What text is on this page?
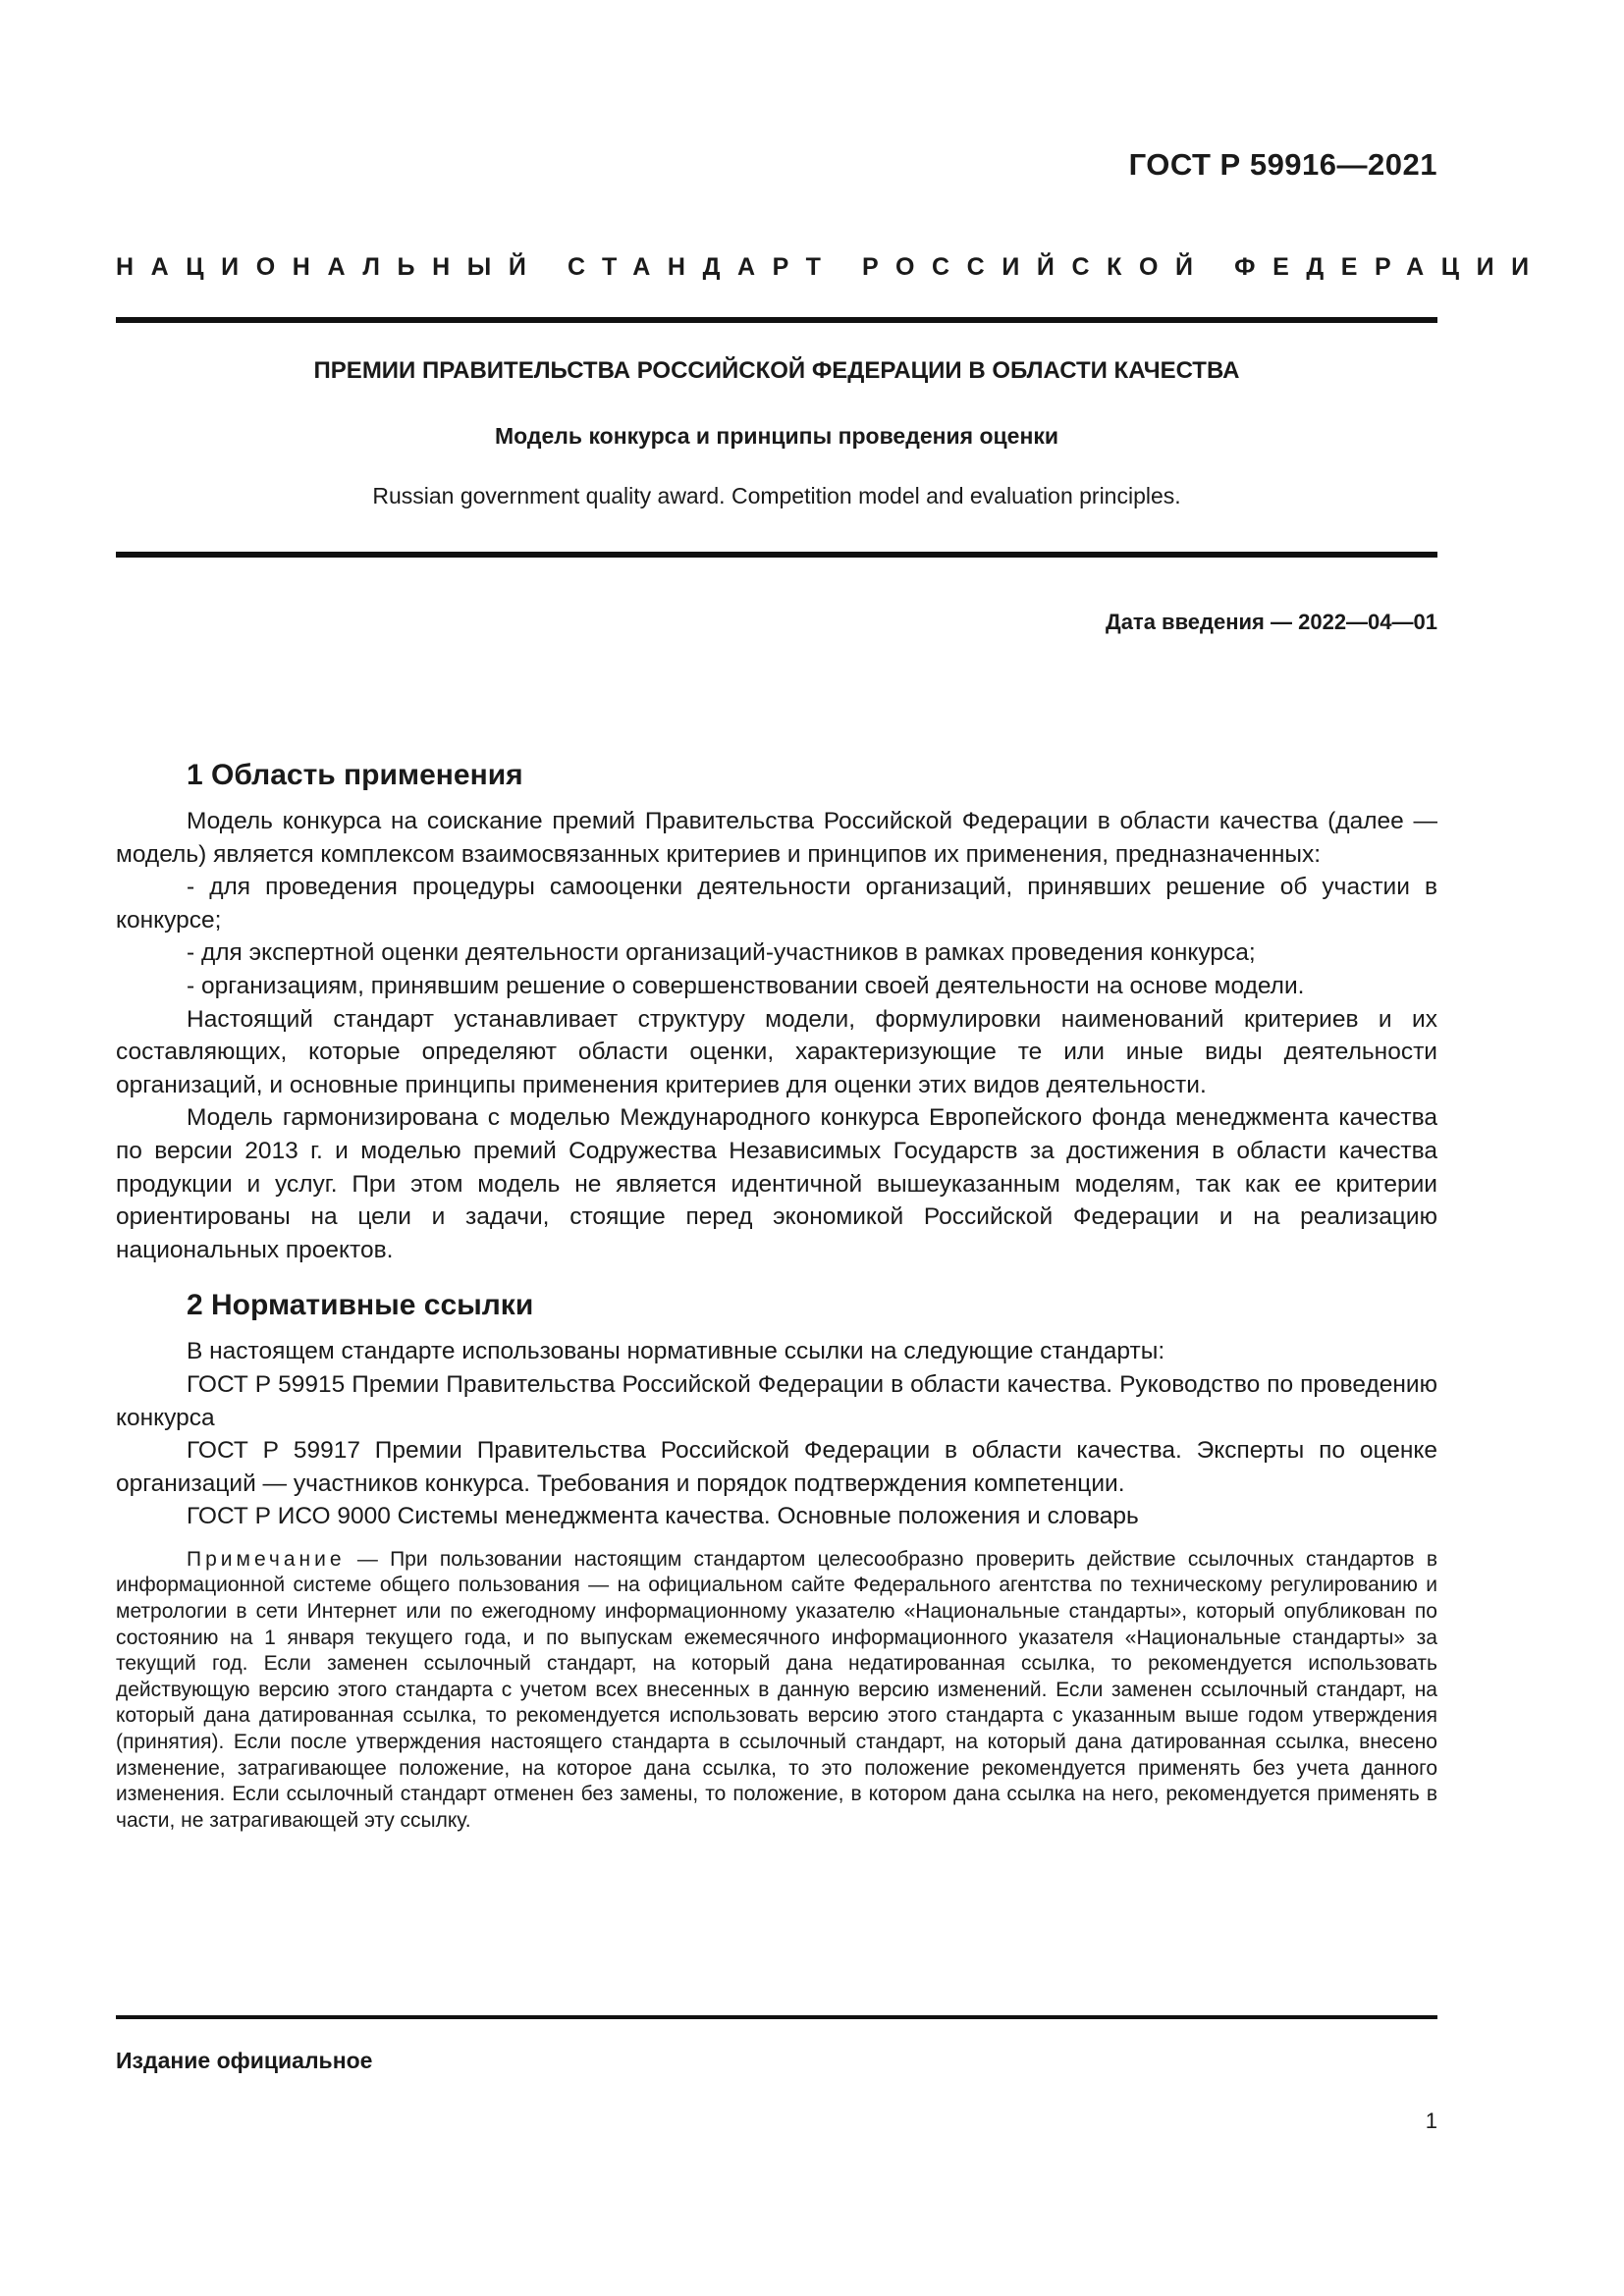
ГОСТ Р 59916—2021
НАЦИОНАЛЬНЫЙ СТАНДАРТ РОССИЙСКОЙ ФЕДЕРАЦИИ
ПРЕМИИ ПРАВИТЕЛЬСТВА РОССИЙСКОЙ ФЕДЕРАЦИИ В ОБЛАСТИ КАЧЕСТВА
Модель конкурса и принципы проведения оценки
Russian government quality award. Competition model and evaluation principles.
Дата введения — 2022—04—01
1 Область применения

Модель конкурса на соискание премий Правительства Российской Федерации в области качества (далее — модель) является комплексом взаимосвязанных критериев и принципов их применения, предназначенных:

- для проведения процедуры самооценки деятельности организаций, принявших решение об участии в конкурсе;

- для экспертной оценки деятельности организаций-участников в рамках проведения конкурса;

- организациям, принявшим решение о совершенствовании своей деятельности на основе модели.

Настоящий стандарт устанавливает структуру модели, формулировки наименований критериев и их составляющих, которые определяют области оценки, характеризующие те или иные виды деятельности организаций, и основные принципы применения критериев для оценки этих видов деятельности.

Модель гармонизирована с моделью Международного конкурса Европейского фонда менеджмента качества по версии 2013 г. и моделью премий Содружества Независимых Государств за достижения в области качества продукции и услуг. При этом модель не является идентичной вышеуказанным моделям, так как ее критерии ориентированы на цели и задачи, стоящие перед экономикой Российской Федерации и на реализацию национальных проектов.

2 Нормативные ссылки

В настоящем стандарте использованы нормативные ссылки на следующие стандарты:

ГОСТ Р 59915 Премии Правительства Российской Федерации в области качества. Руководство по проведению конкурса

ГОСТ Р 59917 Премии Правительства Российской Федерации в области качества. Эксперты по оценке организаций — участников конкурса. Требования и порядок подтверждения компетенции.

ГОСТ Р ИСО 9000 Системы менеджмента качества. Основные положения и словарь

Примечание — При пользовании настоящим стандартом целесообразно проверить действие ссылочных стандартов в информационной системе общего пользования — на официальном сайте Федерального агентства по техническому регулированию и метрологии в сети Интернет или по ежегодному информационному указателю «Национальные стандарты», который опубликован по состоянию на 1 января текущего года, и по выпускам ежемесячного информационного указателя «Национальные стандарты» за текущий год. Если заменен ссылочный стандарт, на который дана недатированная ссылка, то рекомендуется использовать действующую версию этого стандарта с учетом всех внесенных в данную версию изменений. Если заменен ссылочный стандарт, на который дана датированная ссылка, то рекомендуется использовать версию этого стандарта с указанным выше годом утверждения (принятия). Если после утверждения настоящего стандарта в ссылочный стандарт, на который дана датированная ссылка, внесено изменение, затрагивающее положение, на которое дана ссылка, то это положение рекомендуется применять без учета данного изменения. Если ссылочный стандарт отменен без замены, то положение, в котором дана ссылка на него, рекомендуется применять в части, не затрагивающей эту ссылку.

Издание официальное
1
